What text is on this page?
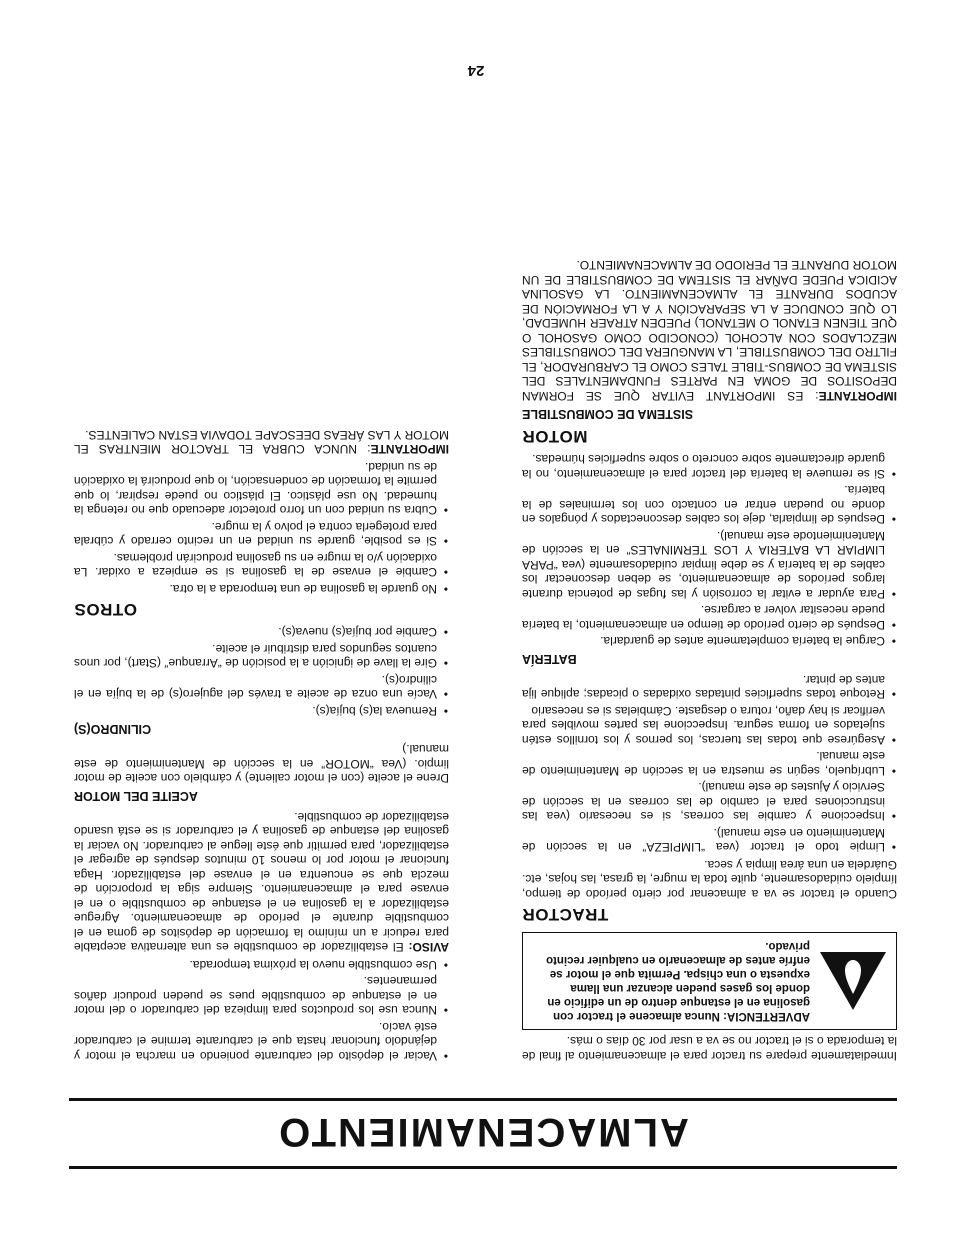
ALMACENAMIENTO

Inmediatamente prepare su tractor para el almacenamiento al final de la temporada o si el tractor no se va a usar por 30 días o más.

ADVERTENCIA: Nunca almacene el tractor con gasolina en el estanque dentro de un edificio en donde los gases pueden alcanzar una llama expuesta o una chispa. Permita que el motor se enfríe antes de almacenarlo en cualquier recinto privado.
TRACTOR

Cuando el tractor se va a almacenar por cierto período de tiempo, límpielo cuidadosamente, quite toda la mugre, la grasa, las hojas, etc. Guárdela en una área limpia y seca.

•
Limpie todo el tractor (vea “LIMPIEZA” en la sección de Mantenimiento en este manual).
•
Inspeccione y cambie las correas, si es necesario (vea las instrucciones para el cambio de las correas en la sección de Servicio y Ajustes de este manual).
•
Lubríquelo, según se muestra en la sección de Mantenimiento de este manual.
•
Asegúrese que todas las tuercas, los pernos y los tornillos estén sujetados en forma segura. Inspeccione las partes movibles para verificar si hay daño, rotura o desgaste. Cámbielas si es necesario
•
Retoque todas superficies pintadas oxidadas o picadas; aplique lija antes de pintar.
BATERÍA
•
Cargue la batería completamente antes de guardarla.
•
Después de cierto período de tiempo en almacenamiento, la batería puede necesitar volver a cargarse.
•
Para ayudar a evitar la corrosión y las fugas de potencia durante largos períodos de almacenamiento, se deben desconectar los cables de la batería y se debe limpiar cuidadosamente (vea “PARA LIMPIAR LA BATERIA Y LOS TERMINALES” en la sección de Mantenimientode este manual).
•
Después de limpiarla, deje los cables desconectados y póngalos en donde no puedan entrar en contacto con los terminales de la batería.
•
Si se remueve la batería del tractor para el almacenamiento, no la guarde directamente sobre concreto o sobre superficies húmedas.
MOTOR
SISTEMA DE COMBUSTIBLE

IMPORTANTE: ES IMPORTANT EVITAR QUE SE FORMAN DEPOSITOS DE GOMA EN PARTES FUNDAMENTALES DEL SISTEMA DE COMBUS-TIBLE TALES COMO EL CARBURADOR, EL FILTRO DEL COMBUSTIBLE, LA MANGUERA DEL COMBUSTIBLES MEZCLADOS CON ALCOHOL (CONOCIDO COMO GASOHOL O QUE TIENEN ETANOL O METANOL) PUEDEN ATRAER HUMEDAD, LO QUE CONDUCE A LA SEPARACIÓN Y A LA FORMACIÓN DE ACUDOS DURANTE EL ALMACENAMIENTO. LA GASOLINA ACIDICA PUEDE DAÑAR EL SISTEMA DE COMBUSTIBLE DE UN MOTOR DURANTE EL PERIODO DE ALMACENAMIENTO.

•
Vaciar el depósito del carburante poniendo en marcha el motor y dejándolo funcionar hasta que el carburante termine el carburador esté vacío.
•
Nunca use los productos para limpieza del carburador o del motor en el estanque de combustible pues se pueden producir daños permanentes.
•
Use combustible nuevo la próxima temporada.

AVISO: El estabilizador de combustible es una alternativa aceptable para reducir a un mínimo la formación de depósitos de goma en el combustible durante el período de almacenamiento. Agregue estabilizador a la gasolina en el estanque de combustible o en el envase para el almacenamiento. Siempre siga la proporción de mezcla que se encuentra en el envase del estabilizador. Haga funcionar el motor por lo menos 10 minutos después de agregar el estabilizador, para permitir que éste llegue al carburador. No vaciar la gasolina del estanque de gasolina y el carburador si se está usando estabilizador de combustible.

ACEITE DEL MOTOR

Drene el aceite (con el motor caliente) y cámbielo con aceite de motor limpio. (Vea “MOTOR” en la sección de Mantenimiento de este manual.)

CILINDRO(S)
•
Remueva la(s) bujía(s).
•
Vacíe una onza de aceite a través del agujero(s) de la bujía en el cilindro(s).
•
Gire la llave de ignición a la posición de “Arranque” (Start), por unos cuantos segundos para distribuir el aceite.
•
Cambie por bujía(s) nueva(s).
OTROS
•
No guarde la gasolina de una temporada a la otra.
•
Cambie el envase de la gasolina si se empieza a oxidar. La oxidación y/o la mugre en su gasolina producirán problemas.
•
Si es posible, guarde su unidad en un recinto cerrado y cúbrala para protegerla contra el polvo y la mugre.
•
Cubra su unidad con un forro protector adecuado que no retenga la humedad. No use plástico. El plástico no puede respirar, lo que permite la formación de condensación, lo que producirá la oxidación de su unidad.

IMPORTANTE: NUNCA CUBRA EL TRACTOR MIENTRAS EL MOTOR Y LAS ÁREAS DEESCAPE TODAVIA ESTAN CALIENTES.

24
